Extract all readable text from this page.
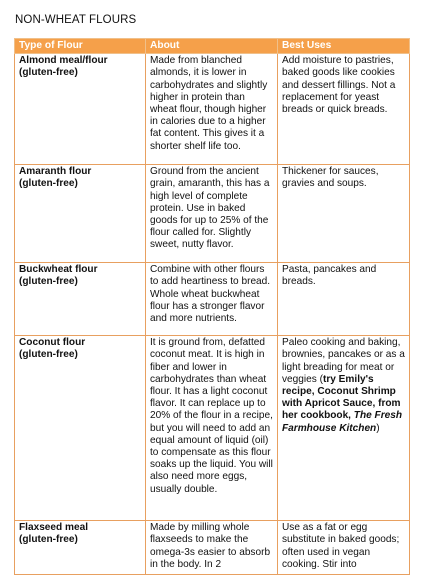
NON-WHEAT FLOURS
Type of Flour	About	Best Uses

Almond meal/flour
(gluten-free)	Made from blanched almonds, it is lower in carbohydrates and slightly higher in protein than wheat flour, though higher in calories due to a higher fat content. This gives it a shorter shelf life too.	Add moisture to pastries, baked goods like cookies and dessert fillings. Not a replacement for yeast breads or quick breads.

Amaranth flour
(gluten-free)	Ground from the ancient grain, amaranth, this has a high level of complete protein. Use in baked goods for up to 25% of the flour called for. Slightly sweet, nutty flavor.	Thickener for sauces, gravies and soups.

Buckwheat flour
(gluten-free)	Combine with other flours to add heartiness to bread. Whole wheat buckwheat flour has a stronger flavor and more nutrients.	Pasta, pancakes and breads.

Coconut flour
(gluten-free)	It is ground from, defatted coconut meat. It is high in fiber and lower in carbohydrates than wheat flour. It has a light coconut flavor. It can replace up to 20% of the flour in a recipe, but you will need to add an equal amount of liquid (oil) to compensate as this flour soaks up the liquid. You will also need more eggs, usually double.	Paleo cooking and baking, brownies, pancakes or as a light breading for meat or veggies (try Emily's recipe, Coconut Shrimp with Apricot Sauce, from her cookbook, The Fresh Farmhouse Kitchen)

Flaxseed meal
(gluten-free)	Made by milling whole flaxseeds to make the omega-3s easier to absorb in the body. In 2	Use as a fat or egg substitute in baked goods; often used in vegan cooking. Stir into
